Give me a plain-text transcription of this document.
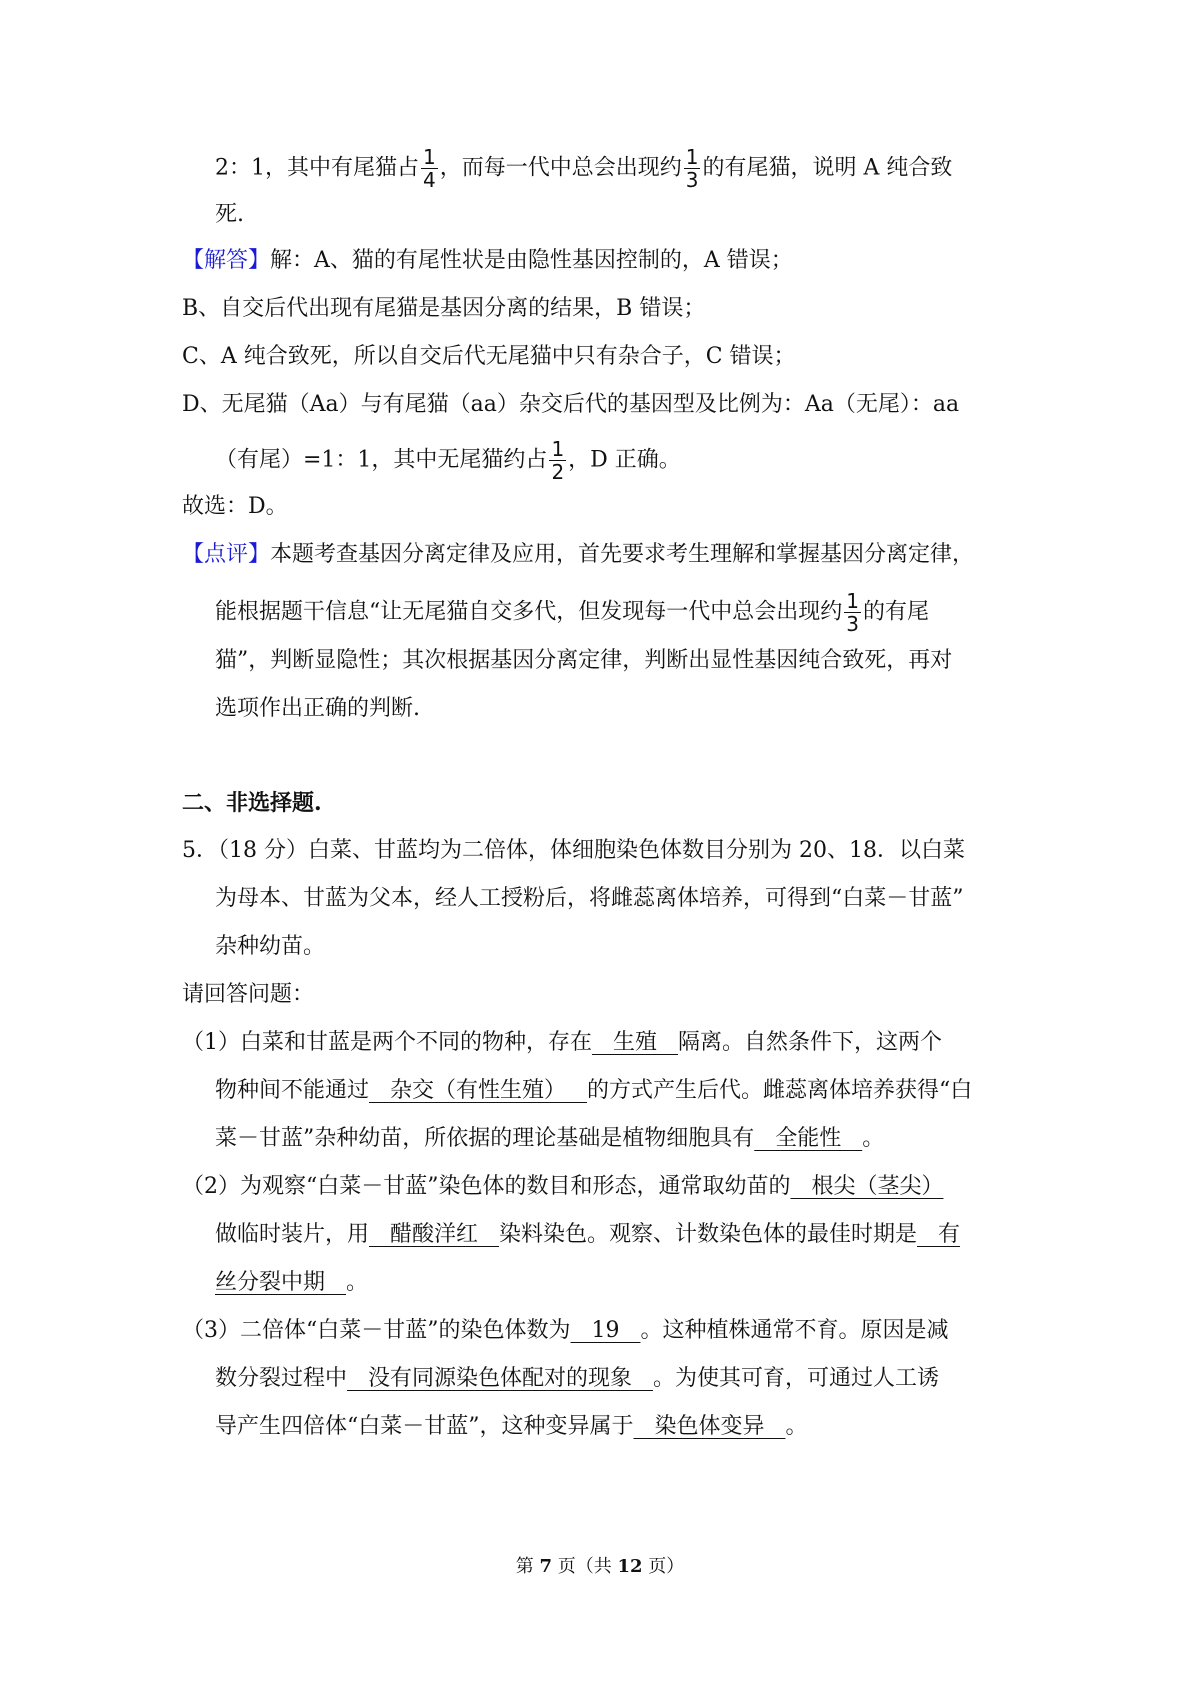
2：1，其中有尾猫占 $\frac{1}{4}$ ，而每一代中总会出现约 $\frac{1}{3}$ 的有尾猫，说明 A 纯合致
死.
【解答】解：A、猫的有尾性状是由隐性基因控制的，A 错误；
B、自交后代出现有尾猫是基因分离的结果，B 错误；
C、A 纯合致死，所以自交后代无尾猫中只有杂合子，C 错误；
D、无尾猫（Aa）与有尾猫（aa）杂交后代的基因型及比例为：Aa（无尾）：aa
（有尾）=1：1，其中无尾猫约占 $\frac{1}{2}$ ，D 正确。
故选：D。
【点评】本题考查基因分离定律及应用，首先要求考生理解和掌握基因分离定律，
能根据题干信息“让无尾猫自交多代，但发现每一代中总会出现约 $\frac{1}{3}$ 的有尾
猫”，判断显隐性；其次根据基因分离定律，判断出显性基因纯合致死，再对
选项作出正确的判断.
二、非选择题.
5．（18 分）白菜、甘蓝均为二倍体，体细胞染色体数目分别为 20、18．以白菜
为母本、甘蓝为父本，经人工授粉后，将雌蕊离体培养，可得到“白菜－甘蓝”
杂种幼苗。
请回答问题：
（1）白菜和甘蓝是两个不同的物种，存在   生殖   隔离。自然条件下，这两个
物种间不能通过   杂交（有性生殖）   的方式产生后代。雌蕊离体培养获得“白
菜－甘蓝”杂种幼苗，所依据的理论基础是植物细胞具有   全能性   。
（2）为观察“白菜－甘蓝”染色体的数目和形态，通常取幼苗的   根尖（茎尖）
做临时装片，用   醋酸洋红   染料染色。观察、计数染色体的最佳时期是   有
丝分裂中期   。
（3）二倍体“白菜－甘蓝”的染色体数为   19   。这种植株通常不育。原因是减
数分裂过程中   没有同源染色体配对的现象   。为使其可育，可通过人工诱
导产生四倍体“白菜－甘蓝”，这种变异属于   染色体变异   。
第 7 页（共 12 页）
